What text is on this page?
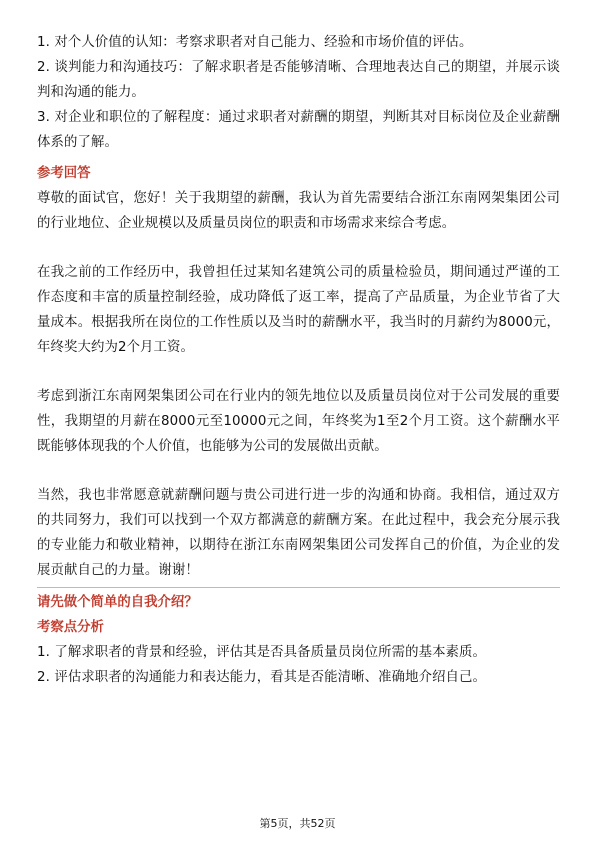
1. 对个人价值的认知：考察求职者对自己能力、经验和市场价值的评估。

2. 谈判能力和沟通技巧：了解求职者是否能够清晰、合理地表达自己的期望，并展示谈判和沟通的能力。

3. 对企业和职位的了解程度：通过求职者对薪酬的期望，判断其对目标岗位及企业薪酬体系的了解。

参考回答

尊敬的面试官，您好！关于我期望的薪酬，我认为首先需要结合浙江东南网架集团公司的行业地位、企业规模以及质量员岗位的职责和市场需求来综合考虑。

在我之前的工作经历中，我曾担任过某知名建筑公司的质量检验员，期间通过严谨的工作态度和丰富的质量控制经验，成功降低了返工率，提高了产品质量，为企业节省了大量成本。根据我所在岗位的工作性质以及当时的薪酬水平，我当时的月薪约为8000元，年终奖大约为2个月工资。

考虑到浙江东南网架集团公司在行业内的领先地位以及质量员岗位对于公司发展的重要性，我期望的月薪在8000元至10000元之间，年终奖为1至2个月工资。这个薪酬水平既能够体现我的个人价值，也能够为公司的发展做出贡献。

当然，我也非常愿意就薪酬问题与贵公司进行进一步的沟通和协商。我相信，通过双方的共同努力，我们可以找到一个双方都满意的薪酬方案。在此过程中，我会充分展示我的专业能力和敬业精神，以期待在浙江东南网架集团公司发挥自己的价值，为企业的发展贡献自己的力量。谢谢！

请先做个简单的自我介绍？

考察点分析

1. 了解求职者的背景和经验，评估其是否具备质量员岗位所需的基本素质。

2. 评估求职者的沟通能力和表达能力，看其是否能清晰、准确地介绍自己。

第5页，共52页
